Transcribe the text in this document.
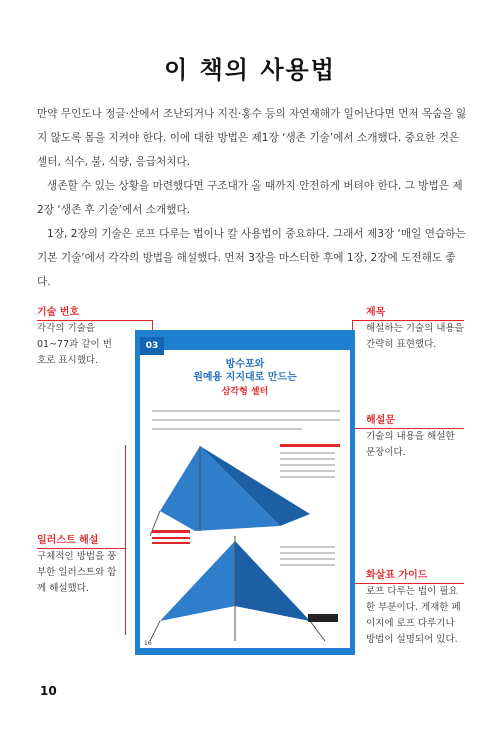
이 책의 사용법

만약 무인도나 정글·산에서 조난되거나 지진·홍수 등의 자연재해가 일어난다면 먼저 목숨을 잃지 않도록 몸을 지켜야 한다. 이에 대한 방법은 제1장 ‘생존 기술’에서 소개했다. 중요한 것은 셸터, 식수, 불, 식량, 응급처치다.

생존할 수 있는 상황을 마련했다면 구조대가 올 때까지 안전하게 버텨야 한다. 그 방법은 제2장 ‘생존 후 기술’에서 소개했다.

1장, 2장의 기술은 로프 다루는 법이나 칼 사용법이 중요하다. 그래서 제3장 ‘매일 연습하는 기본 기술’에서 각각의 방법을 해설했다. 먼저 3장을 마스터한 후에 1장, 2장에 도전해도 좋다.

기술 번호
각각의 기술을 01~77과 같이 번호로 표시했다.
제목
해설하는 기술의 내용을 간략히 표현했다.
해설문
기술의 내용을 해설한 문장이다.
일러스트 해설
구체적인 방법을 풍부한 일러스트와 함께 해설했다.
화살표 가이드
로프 다루는 법이 필요한 부분이다. 게재한 페이지에 로프 다루기나 방법이 설명되어 있다.
03
방수포와
원예용 지지대로 만드는
삼각형 셸터
16
10
